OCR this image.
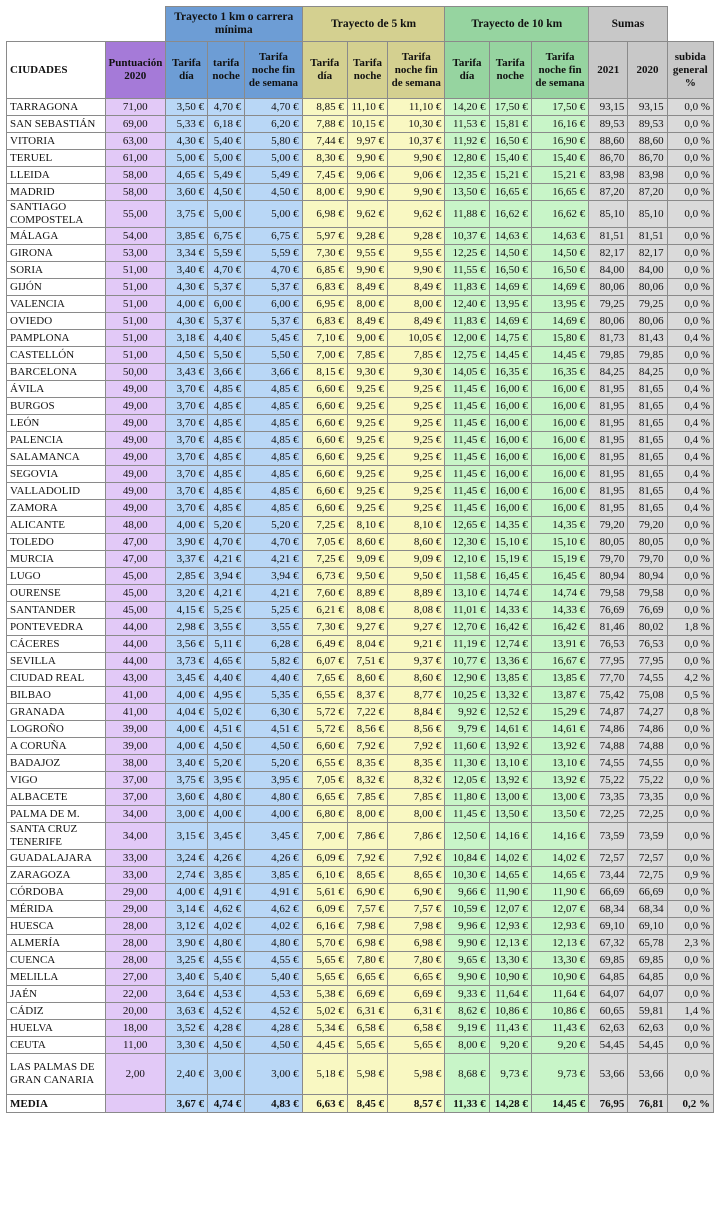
		Trayecto 1 km o carrera mínima			Trayecto de 5 km			Trayecto de 10 km			Sumas		
CIUDADES	Puntuación 2020	Tarifa día	tarifa noche	Tarifa noche fin de semana	Tarifa día	Tarifa noche	Tarifa noche fin de semana	Tarifa día	Tarifa noche	Tarifa noche fin de semana	2021	2020	subida general %
TARRAGONA	71,00	3,50 €	4,70 €	4,70 €	8,85 €	11,10 €	11,10 €	14,20 €	17,50 €	17,50 €	93,15	93,15	0,0 %
SAN SEBASTIÁN	69,00	5,33 €	6,18 €	6,20 €	7,88 €	10,15 €	10,30 €	11,53 €	15,81 €	16,16 €	89,53	89,53	0,0 %
VITORIA	63,00	4,30 €	5,40 €	5,80 €	7,44 €	9,97 €	10,37 €	11,92 €	16,50 €	16,90 €	88,60	88,60	0,0 %
TERUEL	61,00	5,00 €	5,00 €	5,00 €	8,30 €	9,90 €	9,90 €	12,80 €	15,40 €	15,40 €	86,70	86,70	0,0 %
LLEIDA	58,00	4,65 €	5,49 €	5,49 €	7,45 €	9,06 €	9,06 €	12,35 €	15,21 €	15,21 €	83,98	83,98	0,0 %
MADRID	58,00	3,60 €	4,50 €	4,50 €	8,00 €	9,90 €	9,90 €	13,50 €	16,65 €	16,65 €	87,20	87,20	0,0 %
SANTIAGO COMPOSTELA	55,00	3,75 €	5,00 €	5,00 €	6,98 €	9,62 €	9,62 €	11,88 €	16,62 €	16,62 €	85,10	85,10	0,0 %
MÁLAGA	54,00	3,85 €	6,75 €	6,75 €	5,97 €	9,28 €	9,28 €	10,37 €	14,63 €	14,63 €	81,51	81,51	0,0 %
GIRONA	53,00	3,34 €	5,59 €	5,59 €	7,30 €	9,55 €	9,55 €	12,25 €	14,50 €	14,50 €	82,17	82,17	0,0 %
SORIA	51,00	3,40 €	4,70 €	4,70 €	6,85 €	9,90 €	9,90 €	11,55 €	16,50 €	16,50 €	84,00	84,00	0,0 %
GIJÓN	51,00	4,30 €	5,37 €	5,37 €	6,83 €	8,49 €	8,49 €	11,83 €	14,69 €	14,69 €	80,06	80,06	0,0 %
VALENCIA	51,00	4,00 €	6,00 €	6,00 €	6,95 €	8,00 €	8,00 €	12,40 €	13,95 €	13,95 €	79,25	79,25	0,0 %
OVIEDO	51,00	4,30 €	5,37 €	5,37 €	6,83 €	8,49 €	8,49 €	11,83 €	14,69 €	14,69 €	80,06	80,06	0,0 %
PAMPLONA	51,00	3,18 €	4,40 €	5,45 €	7,10 €	9,00 €	10,05 €	12,00 €	14,75 €	15,80 €	81,73	81,43	0,4 %
CASTELLÓN	51,00	4,50 €	5,50 €	5,50 €	7,00 €	7,85 €	7,85 €	12,75 €	14,45 €	14,45 €	79,85	79,85	0,0 %
BARCELONA	50,00	3,43 €	3,66 €	3,66 €	8,15 €	9,30 €	9,30 €	14,05 €	16,35 €	16,35 €	84,25	84,25	0,0 %
ÁVILA	49,00	3,70 €	4,85 €	4,85 €	6,60 €	9,25 €	9,25 €	11,45 €	16,00 €	16,00 €	81,95	81,65	0,4 %
BURGOS	49,00	3,70 €	4,85 €	4,85 €	6,60 €	9,25 €	9,25 €	11,45 €	16,00 €	16,00 €	81,95	81,65	0,4 %
LEÓN	49,00	3,70 €	4,85 €	4,85 €	6,60 €	9,25 €	9,25 €	11,45 €	16,00 €	16,00 €	81,95	81,65	0,4 %
PALENCIA	49,00	3,70 €	4,85 €	4,85 €	6,60 €	9,25 €	9,25 €	11,45 €	16,00 €	16,00 €	81,95	81,65	0,4 %
SALAMANCA	49,00	3,70 €	4,85 €	4,85 €	6,60 €	9,25 €	9,25 €	11,45 €	16,00 €	16,00 €	81,95	81,65	0,4 %
SEGOVIA	49,00	3,70 €	4,85 €	4,85 €	6,60 €	9,25 €	9,25 €	11,45 €	16,00 €	16,00 €	81,95	81,65	0,4 %
VALLADOLID	49,00	3,70 €	4,85 €	4,85 €	6,60 €	9,25 €	9,25 €	11,45 €	16,00 €	16,00 €	81,95	81,65	0,4 %
ZAMORA	49,00	3,70 €	4,85 €	4,85 €	6,60 €	9,25 €	9,25 €	11,45 €	16,00 €	16,00 €	81,95	81,65	0,4 %
ALICANTE	48,00	4,00 €	5,20 €	5,20 €	7,25 €	8,10 €	8,10 €	12,65 €	14,35 €	14,35 €	79,20	79,20	0,0 %
TOLEDO	47,00	3,90 €	4,70 €	4,70 €	7,05 €	8,60 €	8,60 €	12,30 €	15,10 €	15,10 €	80,05	80,05	0,0 %
MURCIA	47,00	3,37 €	4,21 €	4,21 €	7,25 €	9,09 €	9,09 €	12,10 €	15,19 €	15,19 €	79,70	79,70	0,0 %
LUGO	45,00	2,85 €	3,94 €	3,94 €	6,73 €	9,50 €	9,50 €	11,58 €	16,45 €	16,45 €	80,94	80,94	0,0 %
OURENSE	45,00	3,20 €	4,21 €	4,21 €	7,60 €	8,89 €	8,89 €	13,10 €	14,74 €	14,74 €	79,58	79,58	0,0 %
SANTANDER	45,00	4,15 €	5,25 €	5,25 €	6,21 €	8,08 €	8,08 €	11,01 €	14,33 €	14,33 €	76,69	76,69	0,0 %
PONTEVEDRA	44,00	2,98 €	3,55 €	3,55 €	7,30 €	9,27 €	9,27 €	12,70 €	16,42 €	16,42 €	81,46	80,02	1,8 %
CÁCERES	44,00	3,56 €	5,11 €	6,28 €	6,49 €	8,04 €	9,21 €	11,19 €	12,74 €	13,91 €	76,53	76,53	0,0 %
SEVILLA	44,00	3,73 €	4,65 €	5,82 €	6,07 €	7,51 €	9,37 €	10,77 €	13,36 €	16,67 €	77,95	77,95	0,0 %
CIUDAD REAL	43,00	3,45 €	4,40 €	4,40 €	7,65 €	8,60 €	8,60 €	12,90 €	13,85 €	13,85 €	77,70	74,55	4,2 %
BILBAO	41,00	4,00 €	4,95 €	5,35 €	6,55 €	8,37 €	8,77 €	10,25 €	13,32 €	13,87 €	75,42	75,08	0,5 %
GRANADA	41,00	4,04 €	5,02 €	6,30 €	5,72 €	7,22 €	8,84 €	9,92 €	12,52 €	15,29 €	74,87	74,27	0,8 %
LOGROÑO	39,00	4,00 €	4,51 €	4,51 €	5,72 €	8,56 €	8,56 €	9,79 €	14,61 €	14,61 €	74,86	74,86	0,0 %
A CORUÑA	39,00	4,00 €	4,50 €	4,50 €	6,60 €	7,92 €	7,92 €	11,60 €	13,92 €	13,92 €	74,88	74,88	0,0 %
BADAJOZ	38,00	3,40 €	5,20 €	5,20 €	6,55 €	8,35 €	8,35 €	11,30 €	13,10 €	13,10 €	74,55	74,55	0,0 %
VIGO	37,00	3,75 €	3,95 €	3,95 €	7,05 €	8,32 €	8,32 €	12,05 €	13,92 €	13,92 €	75,22	75,22	0,0 %
ALBACETE	37,00	3,60 €	4,80 €	4,80 €	6,65 €	7,85 €	7,85 €	11,80 €	13,00 €	13,00 €	73,35	73,35	0,0 %
PALMA DE M.	34,00	3,00 €	4,00 €	4,00 €	6,80 €	8,00 €	8,00 €	11,45 €	13,50 €	13,50 €	72,25	72,25	0,0 %
SANTA CRUZ TENERIFE	34,00	3,15 €	3,45 €	3,45 €	7,00 €	7,86 €	7,86 €	12,50 €	14,16 €	14,16 €	73,59	73,59	0,0 %
GUADALAJARA	33,00	3,24 €	4,26 €	4,26 €	6,09 €	7,92 €	7,92 €	10,84 €	14,02 €	14,02 €	72,57	72,57	0,0 %
ZARAGOZA	33,00	2,74 €	3,85 €	3,85 €	6,10 €	8,65 €	8,65 €	10,30 €	14,65 €	14,65 €	73,44	72,75	0,9 %
CÓRDOBA	29,00	4,00 €	4,91 €	4,91 €	5,61 €	6,90 €	6,90 €	9,66 €	11,90 €	11,90 €	66,69	66,69	0,0 %
MÉRIDA	29,00	3,14 €	4,62 €	4,62 €	6,09 €	7,57 €	7,57 €	10,59 €	12,07 €	12,07 €	68,34	68,34	0,0 %
HUESCA	28,00	3,12 €	4,02 €	4,02 €	6,16 €	7,98 €	7,98 €	9,96 €	12,93 €	12,93 €	69,10	69,10	0,0 %
ALMERÍA	28,00	3,90 €	4,80 €	4,80 €	5,70 €	6,98 €	6,98 €	9,90 €	12,13 €	12,13 €	67,32	65,78	2,3 %
CUENCA	28,00	3,25 €	4,55 €	4,55 €	5,65 €	7,80 €	7,80 €	9,65 €	13,30 €	13,30 €	69,85	69,85	0,0 %
MELILLA	27,00	3,40 €	5,40 €	5,40 €	5,65 €	6,65 €	6,65 €	9,90 €	10,90 €	10,90 €	64,85	64,85	0,0 %
JAÉN	22,00	3,64 €	4,53 €	4,53 €	5,38 €	6,69 €	6,69 €	9,33 €	11,64 €	11,64 €	64,07	64,07	0,0 %
CÁDIZ	20,00	3,63 €	4,52 €	4,52 €	5,02 €	6,31 €	6,31 €	8,62 €	10,86 €	10,86 €	60,65	59,81	1,4 %
HUELVA	18,00	3,52 €	4,28 €	4,28 €	5,34 €	6,58 €	6,58 €	9,19 €	11,43 €	11,43 €	62,63	62,63	0,0 %
CEUTA	11,00	3,30 €	4,50 €	4,50 €	4,45 €	5,65 €	5,65 €	8,00 €	9,20 €	9,20 €	54,45	54,45	0,0 %
LAS PALMAS DE GRAN CANARIA	2,00	2,40 €	3,00 €	3,00 €	5,18 €	5,98 €	5,98 €	8,68 €	9,73 €	9,73 €	53,66	53,66	0,0 %
MEDIA		3,67 €	4,74 €	4,83 €	6,63 €	8,45 €	8,57 €	11,33 €	14,28 €	14,45 €	76,95	76,81	0,2 %
